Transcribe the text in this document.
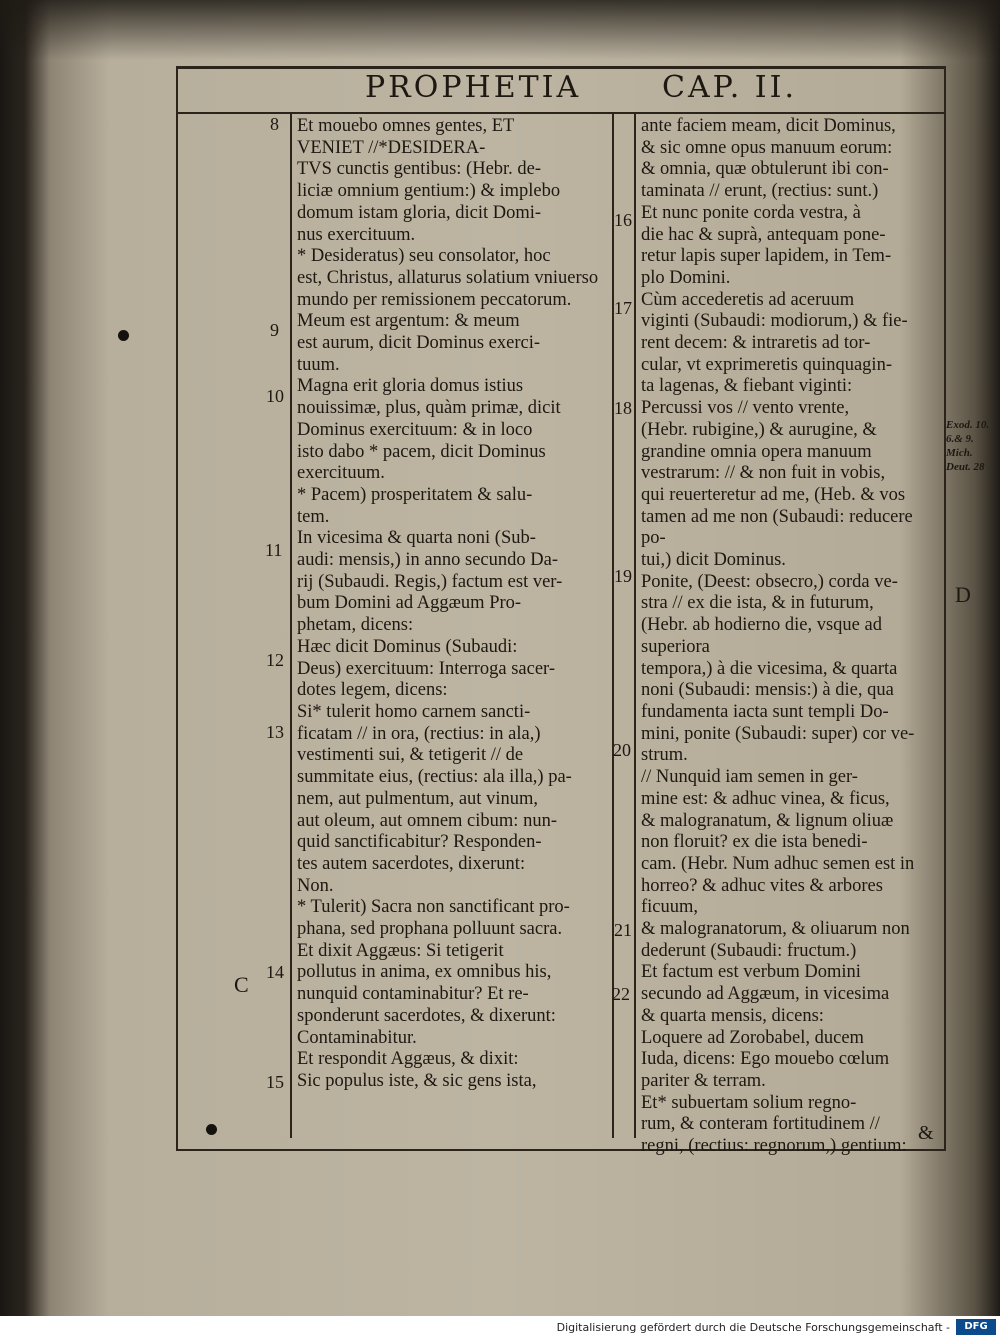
PROPHETIA	CAP. II.
8
9
10
11
12
13
14
15
16
17
18
19
20
21
22

Et mouebo omnes gentes, ET

VENIET //*DESIDERA-

TVS cunctis gentibus: (Hebr. de-

liciæ omnium gentium:) & implebo

domum istam gloria, dicit Domi-

nus exercituum.

* Desideratus) seu consolator, hoc

est, Christus, allaturus solatium vniuerso

mundo per remissionem peccatorum.

Meum est argentum: & meum

est aurum, dicit Dominus exerci-

tuum.

Magna erit gloria domus istius

nouissimæ, plus, quàm primæ, dicit

Dominus exercituum: & in loco

isto dabo * pacem, dicit Dominus

exercituum.

* Pacem) prosperitatem & salu-

tem.

In vicesima & quarta noni (Sub-

audi: mensis,) in anno secundo Da-

rij (Subaudi. Regis,) factum est ver-

bum Domini ad Aggæum Pro-

phetam, dicens:

Hæc dicit Dominus (Subaudi:

Deus) exercituum: Interroga sacer-

dotes legem, dicens:

Si* tulerit homo carnem sancti-

ficatam // in ora, (rectius: in ala,)

vestimenti sui, & tetigerit // de

summitate eius, (rectius: ala illa,) pa-

nem, aut pulmentum, aut vinum,

aut oleum, aut omnem cibum: nun-

quid sanctificabitur? Responden-

tes autem sacerdotes, dixerunt:

Non.

* Tulerit) Sacra non sanctificant pro-

phana, sed prophana polluunt sacra.

Et dixit Aggæus: Si tetigerit

pollutus in anima, ex omnibus his,

nunquid contaminabitur? Et re-

sponderunt sacerdotes, & dixerunt:

Contaminabitur.

Et respondit Aggæus, & dixit:

Sic populus iste, & sic gens ista,

ante faciem meam, dicit Dominus,

& sic omne opus manuum eorum:

& omnia, quæ obtulerunt ibi con-

taminata // erunt, (rectius: sunt.)

Et nunc ponite corda vestra, à

die hac & suprà, antequam ponе-

retur lapis super lapidem, in Tem-

plo Domini.

Cùm accederetis ad aceruum

viginti (Subaudi: modiorum,) & fie-

rent decem: & intraretis ad tor-

cular, vt exprimeretis quinquagin-

ta lagenas, & fiebant viginti:

Percussi vos // vento vrente,

(Hebr. rubigine,) & aurugine, &

grandine omnia opera manuum

vestrarum: // & non fuit in vobis,

qui reuerteretur ad me, (Heb. & vos

tamen ad me non (Subaudi: reducere po-

tui,) dicit Dominus.

Ponite, (Deest: obsecro,) corda ve-

stra // ex die ista, & in futurum,

(Hebr. ab hodierno die, vsque ad superiora

tempora,) à die vicesima, & quarta

noni (Subaudi: mensis:) à die, qua

fundamenta iacta sunt templi Do-

mini, ponite (Subaudi: super) cor ve-

strum.

// Nunquid iam semen in ger-

mine est: & adhuc vinea, & ficus,

& malogranatum, & lignum oliuæ

non floruit? ex die ista benedi-

cam. (Hebr. Num adhuc semen est in

horreo? & adhuc vites & arbores ficuum,

& malogranatorum, & oliuarum non

dederunt (Subaudi: fructum.)

Et factum est verbum Domini

secundo ad Aggæum, in vicesima

& quarta mensis, dicens:

Loquere ad Zorobabel, ducem

Iuda, dicens: Ego mouebo cœlum

pariter & terram.

Et* subuertam solium regno-

rum, & conteram fortitudinem //

regni, (rectius: regnorum,) gentium:

Exod. 10.
6.& 9.
Mich.
Deut. 28
C
D
&
Digitalisierung gefördert durch die Deutsche Forschungsgemeinschaft -	DFG
